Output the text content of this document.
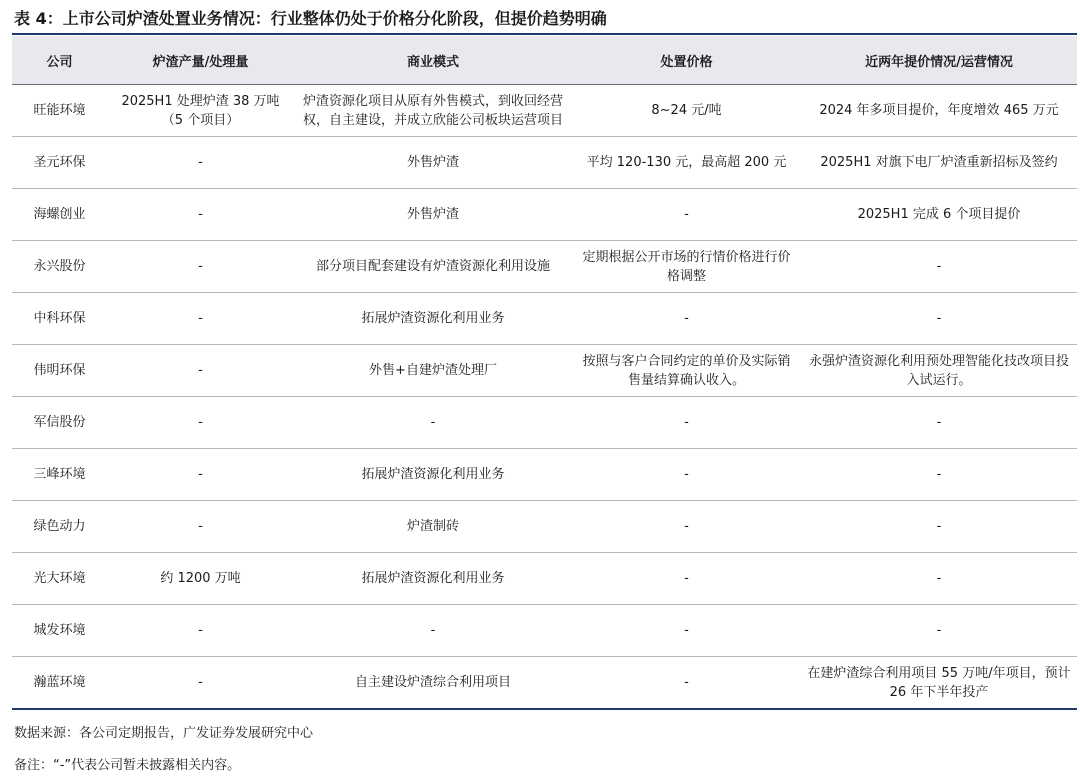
表 4：上市公司炉渣处置业务情况：行业整体仍处于价格分化阶段，但提价趋势明确
公司	炉渣产量/处理量	商业模式	处置价格	近两年提价情况/运营情况
旺能环境	2025H1 处理炉渣 38 万吨（5 个项目）	炉渣资源化项目从原有外售模式，到收回经营权，自主建设，并成立欣能公司板块运营项目	8~24 元/吨	2024 年多项目提价，年度增效 465 万元
圣元环保	-	外售炉渣	平均 120-130 元，最高超 200 元	2025H1 对旗下电厂炉渣重新招标及签约
海螺创业	-	外售炉渣	-	2025H1 完成 6 个项目提价
永兴股份	-	部分项目配套建设有炉渣资源化利用设施	定期根据公开市场的行情价格进行价格调整	-
中科环保	-	拓展炉渣资源化利用业务	-	-
伟明环保	-	外售+自建炉渣处理厂	按照与客户合同约定的单价及实际销售量结算确认收入。	永强炉渣资源化利用预处理智能化技改项目投入试运行。
军信股份	-	-	-	-
三峰环境	-	拓展炉渣资源化利用业务	-	-
绿色动力	-	炉渣制砖	-	-
光大环境	约 1200 万吨	拓展炉渣资源化利用业务	-	-
城发环境	-	-	-	-
瀚蓝环境	-	自主建设炉渣综合利用项目	-	在建炉渣综合利用项目 55 万吨/年项目，预计 26 年下半年投产
数据来源：各公司定期报告，广发证券发展研究中心
备注：“-”代表公司暂未披露相关内容。
